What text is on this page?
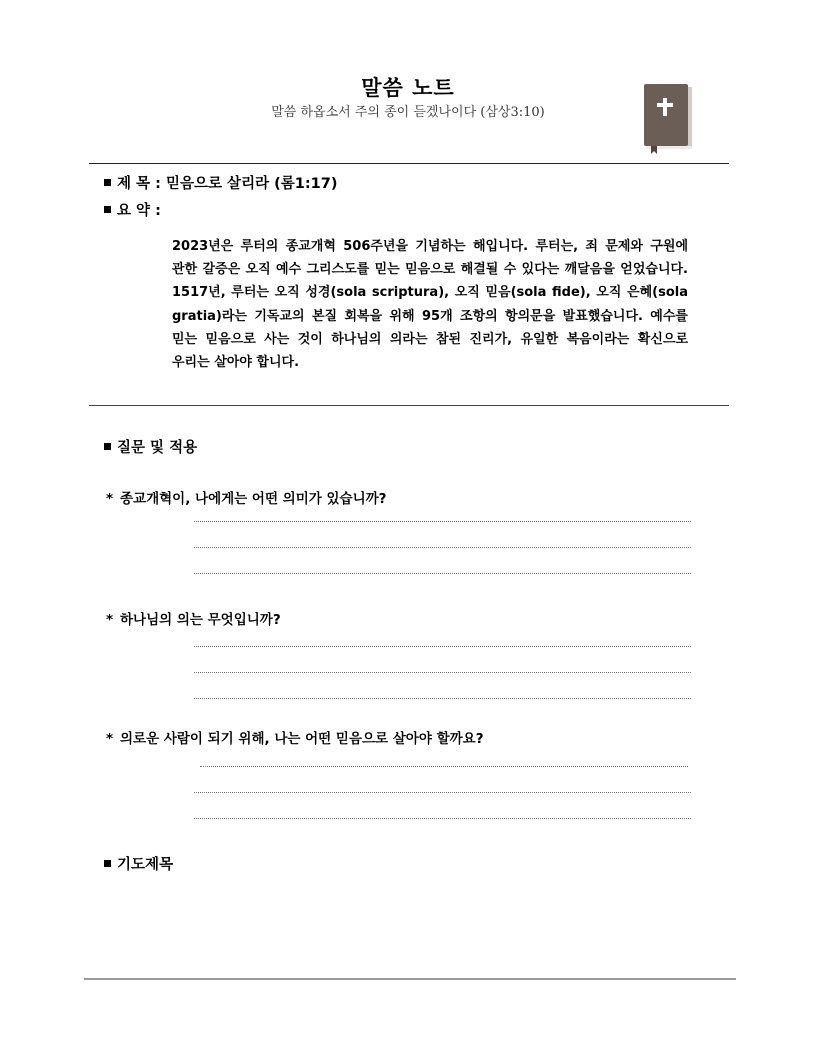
말씀 노트
말씀 하옵소서 주의 종이 듣겠나이다 (삼상3:10)
제 목 : 믿음으로 살리라 (롬1:17)
요 약 :
2023년은 루터의 종교개혁 506주년을 기념하는 해입니다. 루터는, 죄 문제와 구원에 관한 갈증은 오직 예수 그리스도를 믿는 믿음으로 해결될 수 있다는 깨달음을 얻었습니다. 1517년, 루터는 오직 성경(sola scriptura), 오직 믿음(sola fide), 오직 은혜(sola gratia)라는 기독교의 본질 회복을 위해 95개 조항의 항의문을 발표했습니다. 예수를 믿는 믿음으로 사는 것이 하나님의 의라는 참된 진리가, 유일한 복음이라는 확신으로 우리는 살아야 합니다.
질문 및 적용
* 종교개혁이, 나에게는 어떤 의미가 있습니까?
* 하나님의 의는 무엇입니까?
* 의로운 사람이 되기 위해, 나는 어떤 믿음으로 살아야 할까요?
기도제목
